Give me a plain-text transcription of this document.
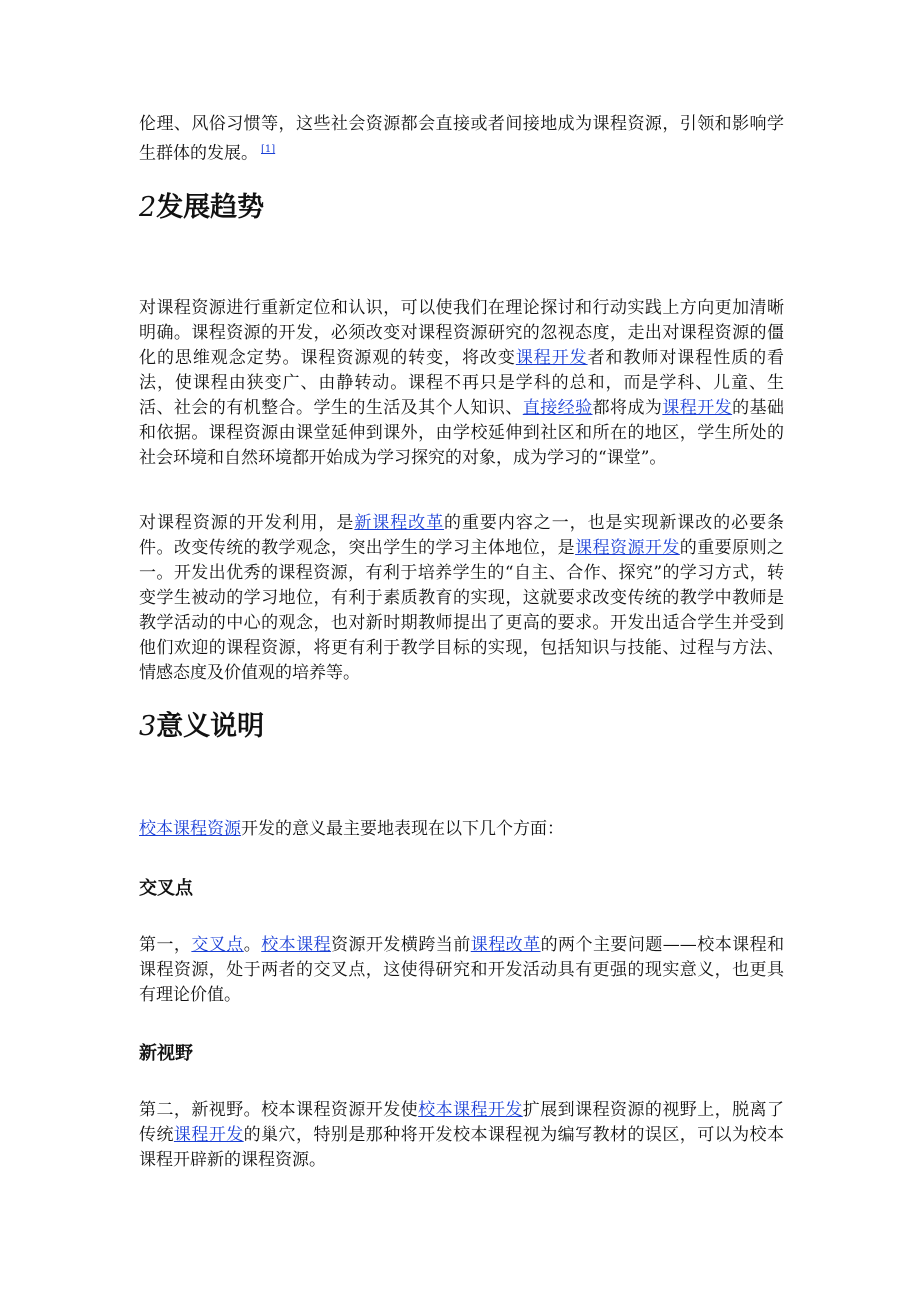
伦理、风俗习惯等，这些社会资源都会直接或者间接地成为课程资源，引领和影响学生群体的发展。 [1]

2发展趋势

对课程资源进行重新定位和认识，可以使我们在理论探讨和行动实践上方向更加清晰明确。课程资源的开发，必须改变对课程资源研究的忽视态度，走出对课程资源的僵化的思维观念定势。课程资源观的转变，将改变课程开发者和教师对课程性质的看法，使课程由狭变广、由静转动。课程不再只是学科的总和，而是学科、儿童、生活、社会的有机整合。学生的生活及其个人知识、直接经验都将成为课程开发的基础和依据。课程资源由课堂延伸到课外，由学校延伸到社区和所在的地区，学生所处的社会环境和自然环境都开始成为学习探究的对象，成为学习的“课堂”。

对课程资源的开发利用，是新课程改革的重要内容之一，也是实现新课改的必要条件。改变传统的教学观念，突出学生的学习主体地位，是课程资源开发的重要原则之一。开发出优秀的课程资源，有利于培养学生的“自主、合作、探究”的学习方式，转变学生被动的学习地位，有利于素质教育的实现，这就要求改变传统的教学中教师是教学活动的中心的观念，也对新时期教师提出了更高的要求。开发出适合学生并受到他们欢迎的课程资源，将更有利于教学目标的实现，包括知识与技能、过程与方法、情感态度及价值观的培养等。

3意义说明

校本课程资源开发的意义最主要地表现在以下几个方面：

交叉点

第一，交叉点。校本课程资源开发横跨当前课程改革的两个主要问题——校本课程和课程资源，处于两者的交叉点，这使得研究和开发活动具有更强的现实意义，也更具有理论价值。

新视野

第二，新视野。校本课程资源开发使校本课程开发扩展到课程资源的视野上，脱离了传统课程开发的巢穴，特别是那种将开发校本课程视为编写教材的误区，可以为校本课程开辟新的课程资源。
